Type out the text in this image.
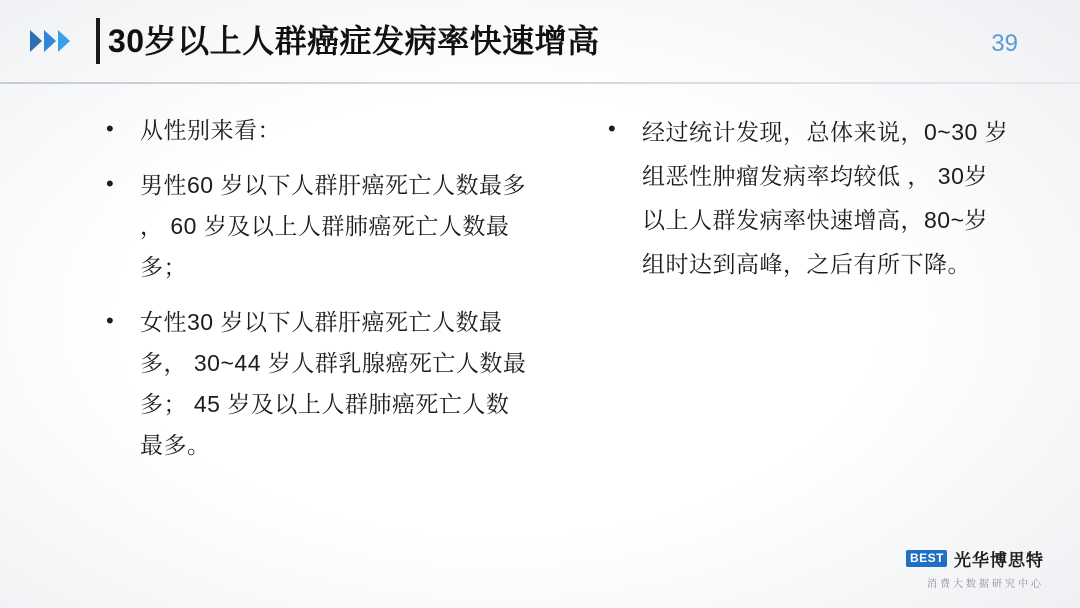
30岁以上人群癌症发病率快速增高	39
• 从性别来看：
• 男性60 岁以下人群肝癌死亡人数最多 ， 60 岁及以上人群肺癌死亡人数最多；
• 女性30 岁以下人群肝癌死亡人数最多， 30~44 岁人群乳腺癌死亡人数最多； 45 岁及以上人群肺癌死亡人数最多。
• 经过统计发现，总体来说，0~30 岁组恶性肿瘤发病率均较低 ， 30岁以上人群发病率快速增高，80~岁组时达到高峰，之后有所下降。
BEST 光华博思特
消费大数据研究中心
